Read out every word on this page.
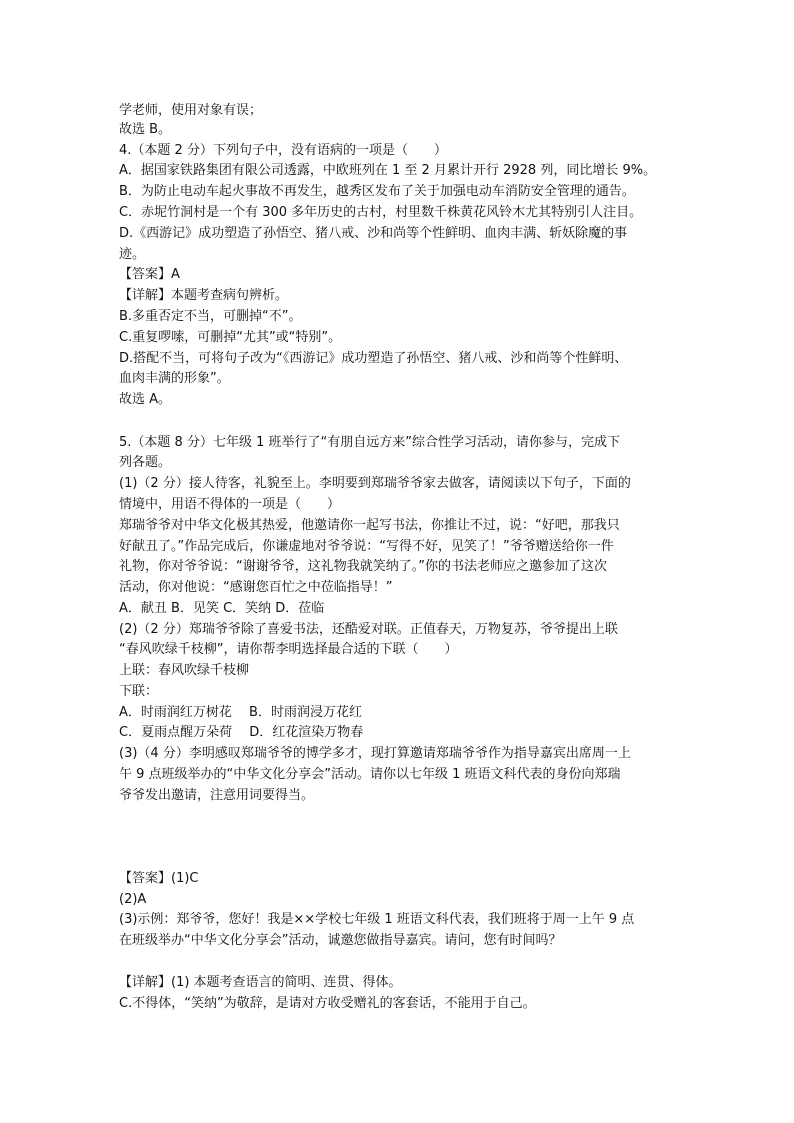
学老师，使用对象有误；
故选 B。
4.（本题 2 分）下列句子中，没有语病的一项是（　　）
A．据国家铁路集团有限公司透露，中欧班列在 1 至 2 月累计开行 2928 列，同比增长 9%。
B．为防止电动车起火事故不再发生，越秀区发布了关于加强电动车消防安全管理的通告。
C．赤坭竹洞村是一个有 300 多年历史的古村，村里数千株黄花风铃木尤其特别引人注目。
D.《西游记》成功塑造了孙悟空、猪八戒、沙和尚等个性鲜明、血肉丰满、斩妖除魔的事
迹。
【答案】A
【详解】本题考查病句辨析。
B.多重否定不当，可删掉“不”。
C.重复啰嗦，可删掉“尤其”或“特别”。
D.搭配不当，可将句子改为“《西游记》成功塑造了孙悟空、猪八戒、沙和尚等个性鲜明、
血肉丰满的形象”。
故选 A。
5.（本题 8 分）七年级 1 班举行了“有朋自远方来”综合性学习活动，请你参与，完成下
列各题。
(1)（2 分）接人待客，礼貌至上。李明要到郑瑞爷爷家去做客，请阅读以下句子，下面的
情境中，用语不得体的一项是（　　）
郑瑞爷爷对中华文化极其热爱，他邀请你一起写书法，你推让不过，说：“好吧，那我只
好献丑了。”作品完成后，你谦虚地对爷爷说：“写得不好，见笑了！”爷爷赠送给你一件
礼物，你对爷爷说：“谢谢爷爷，这礼物我就笑纳了。”你的书法老师应之邀参加了这次
活动，你对他说：“感谢您百忙之中莅临指导！”
A．献丑 B．见笑 C．笑纳 D．莅临
(2)（2 分）郑瑞爷爷除了喜爱书法，还酷爱对联。正值春天，万物复苏，爷爷提出上联
“春风吹绿千枝柳”，请你帮李明选择最合适的下联（　　）
上联：春风吹绿千枝柳
下联：
A．时雨润红万树花　 B．时雨润浸万花红
C．夏雨点醒万朵荷　 D．红花渲染万物春
(3)（4 分）李明感叹郑瑞爷爷的博学多才，现打算邀请郑瑞爷爷作为指导嘉宾出席周一上
午 9 点班级举办的“中华文化分享会”活动。请你以七年级 1 班语文科代表的身份向郑瑞
爷爷发出邀请，注意用词要得当。
【答案】(1)C
(2)A
(3)示例：郑爷爷，您好！我是××学校七年级 1 班语文科代表，我们班将于周一上午 9 点
在班级举办“中华文化分享会”活动，诚邀您做指导嘉宾。请问，您有时间吗？
【详解】(1) 本题考查语言的简明、连贯、得体。
C.不得体，“笑纳”为敬辞，是请对方收受赠礼的客套话，不能用于自己。
